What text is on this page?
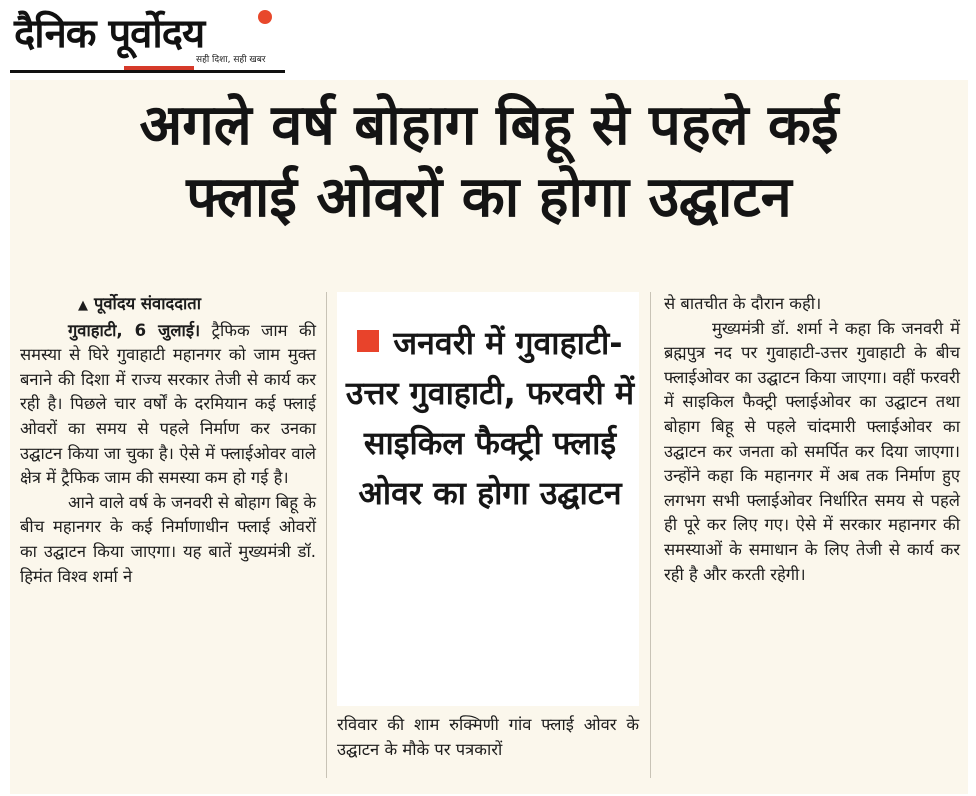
दैनिक पूर्वोदय
सही दिशा, सही खबर
अगले वर्ष बोहाग बिहू से पहले कई
फ्लाई ओवरों का होगा उद्घाटन

▲ पूर्वोदय संवाददाता

गुवाहाटी, 6 जुलाई। ट्रैफिक जाम की समस्या से घिरे गुवाहाटी महानगर को जाम मुक्त बनाने की दिशा में राज्य सरकार तेजी से कार्य कर रही है। पिछले चार वर्षों के दरमियान कई फ्लाई ओवरों का समय से पहले निर्माण कर उनका उद्घाटन किया जा चुका है। ऐसे में फ्लाईओवर वाले क्षेत्र में ट्रैफिक जाम की समस्या कम हो गई है।

आने वाले वर्ष के जनवरी से बोहाग बिहू के बीच महानगर के कई निर्माणाधीन फ्लाई ओवरों का उद्घाटन किया जाएगा। यह बातें मुख्यमंत्री डॉ. हिमंत विश्व शर्मा ने

जनवरी में गुवाहाटी-उत्तर गुवाहाटी, फरवरी में साइकिल फैक्ट्री फ्लाई ओवर का होगा उद्घाटन

रविवार की शाम रुक्मिणी गांव फ्लाई ओवर के उद्घाटन के मौके पर पत्रकारों

से बातचीत के दौरान कही।

मुख्यमंत्री डॉ. शर्मा ने कहा कि जनवरी में ब्रह्मपुत्र नद पर गुवाहाटी-उत्तर गुवाहाटी के बीच फ्लाईओवर का उद्घाटन किया जाएगा। वहीं फरवरी में साइकिल फैक्ट्री फ्लाईओवर का उद्घाटन तथा बोहाग बिहू से पहले चांदमारी फ्लाईओवर का उद्घाटन कर जनता को समर्पित कर दिया जाएगा। उन्होंने कहा कि महानगर में अब तक निर्माण हुए लगभग सभी फ्लाईओवर निर्धारित समय से पहले ही पूरे कर लिए गए। ऐसे में सरकार महानगर की समस्याओं के समाधान के लिए तेजी से कार्य कर रही है और करती रहेगी।
